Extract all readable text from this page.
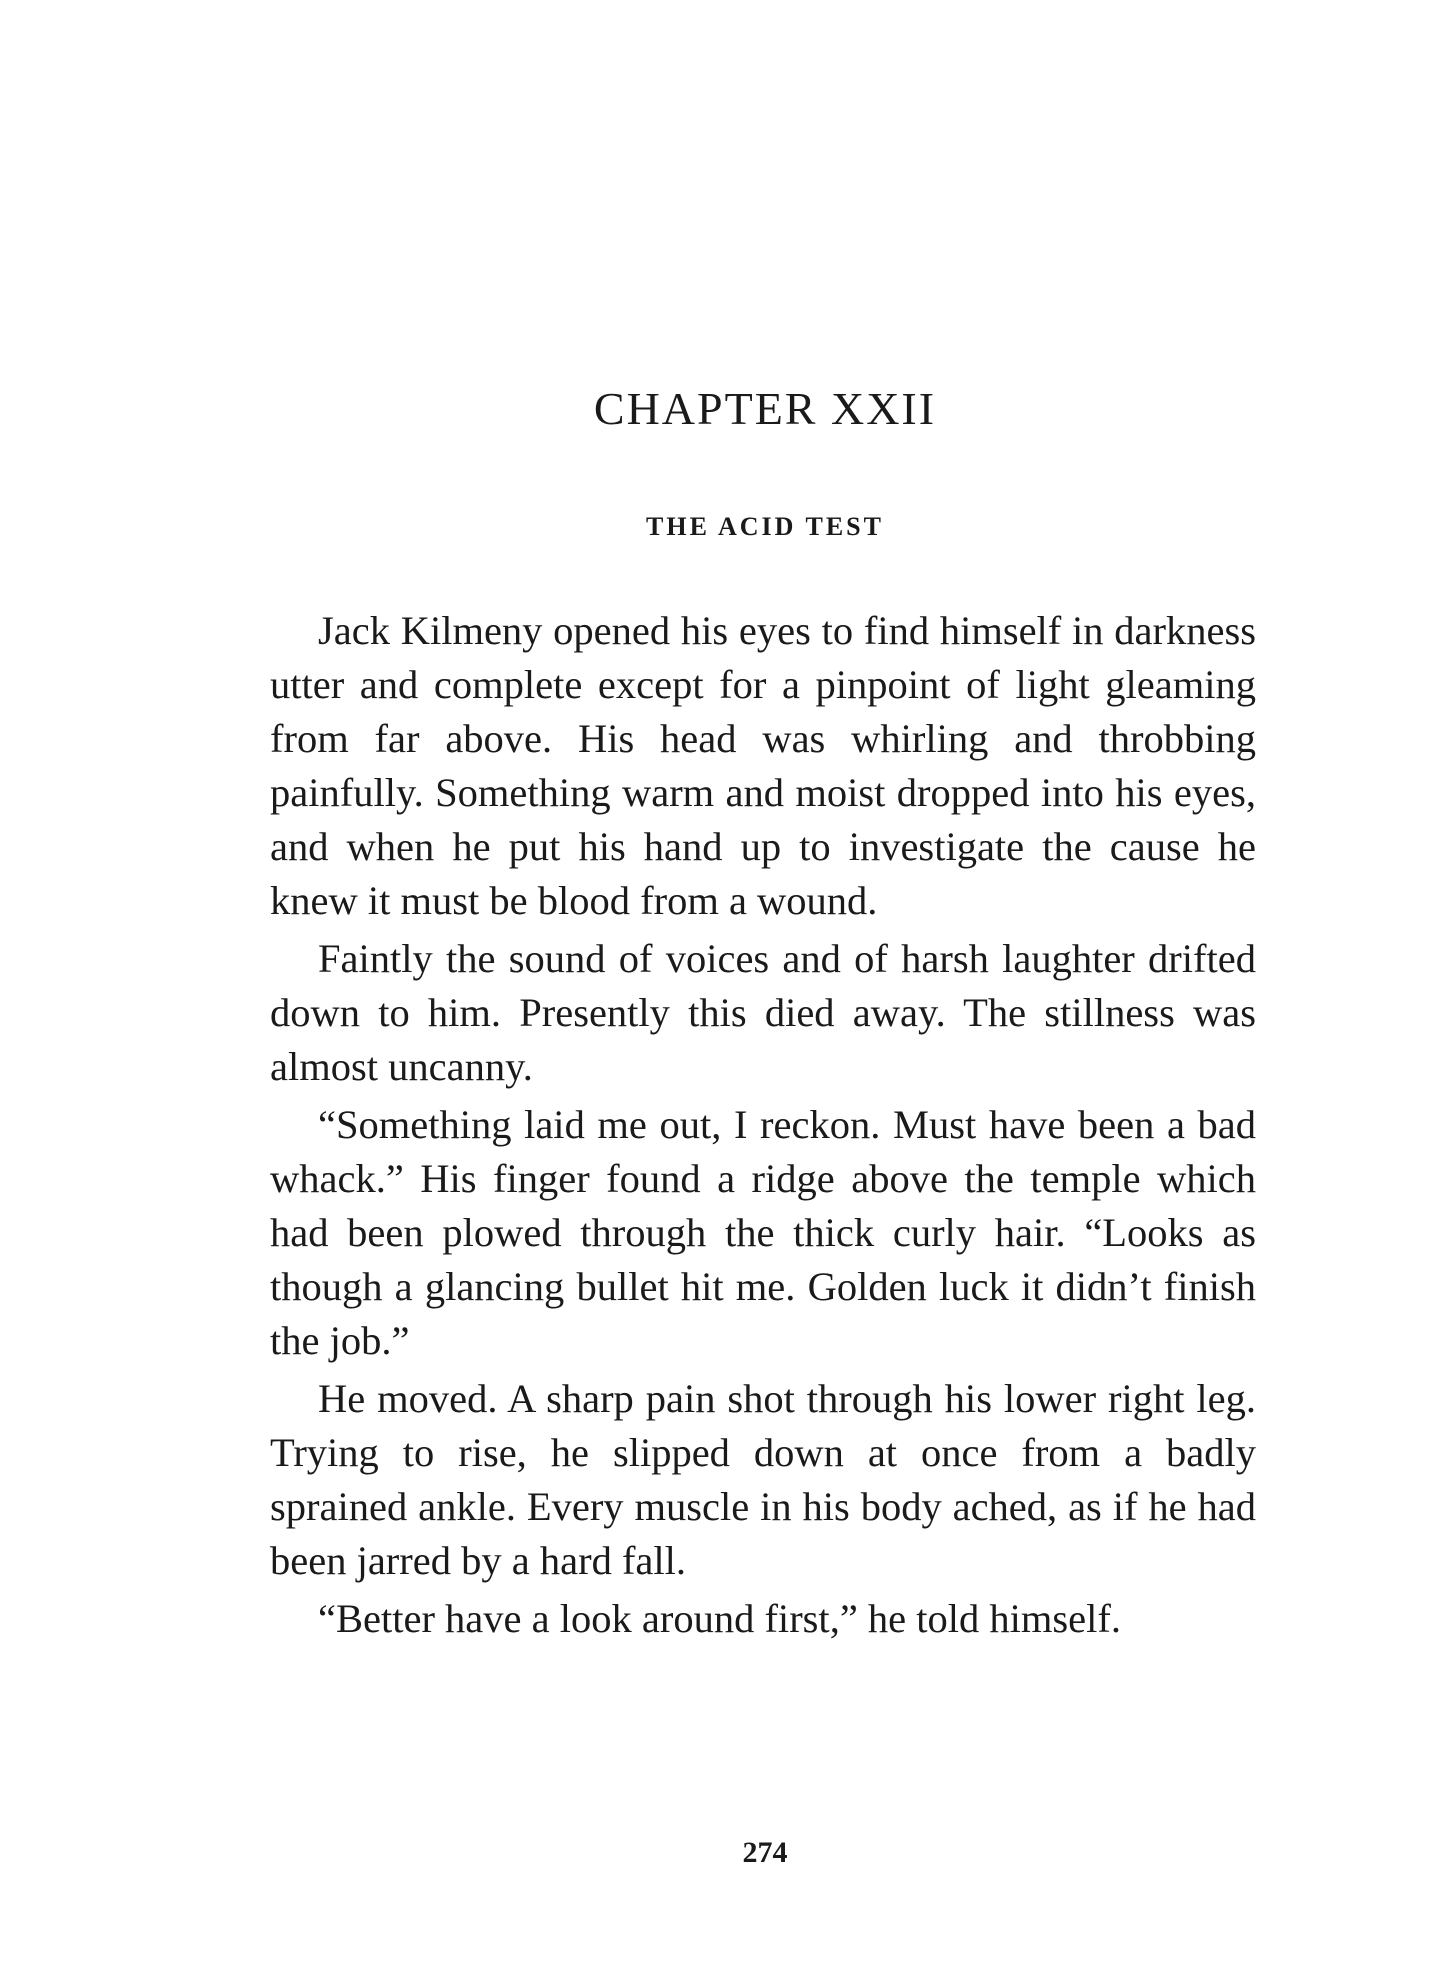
CHAPTER XXII
THE ACID TEST

Jack Kilmeny opened his eyes to find himself in darkness utter and complete except for a pinpoint of light gleaming from far above. His head was whirling and throbbing painfully. Something warm and moist dropped into his eyes, and when he put his hand up to investigate the cause he knew it must be blood from a wound.

Faintly the sound of voices and of harsh laughter drifted down to him. Presently this died away. The stillness was almost uncanny.

“Something laid me out, I reckon. Must have been a bad whack.” His finger found a ridge above the temple which had been plowed through the thick curly hair. “Looks as though a glancing bullet hit me. Golden luck it didn’t finish the job.”

He moved. A sharp pain shot through his lower right leg. Trying to rise, he slipped down at once from a badly sprained ankle. Every muscle in his body ached, as if he had been jarred by a hard fall.

“Better have a look around first,” he told himself.

274
